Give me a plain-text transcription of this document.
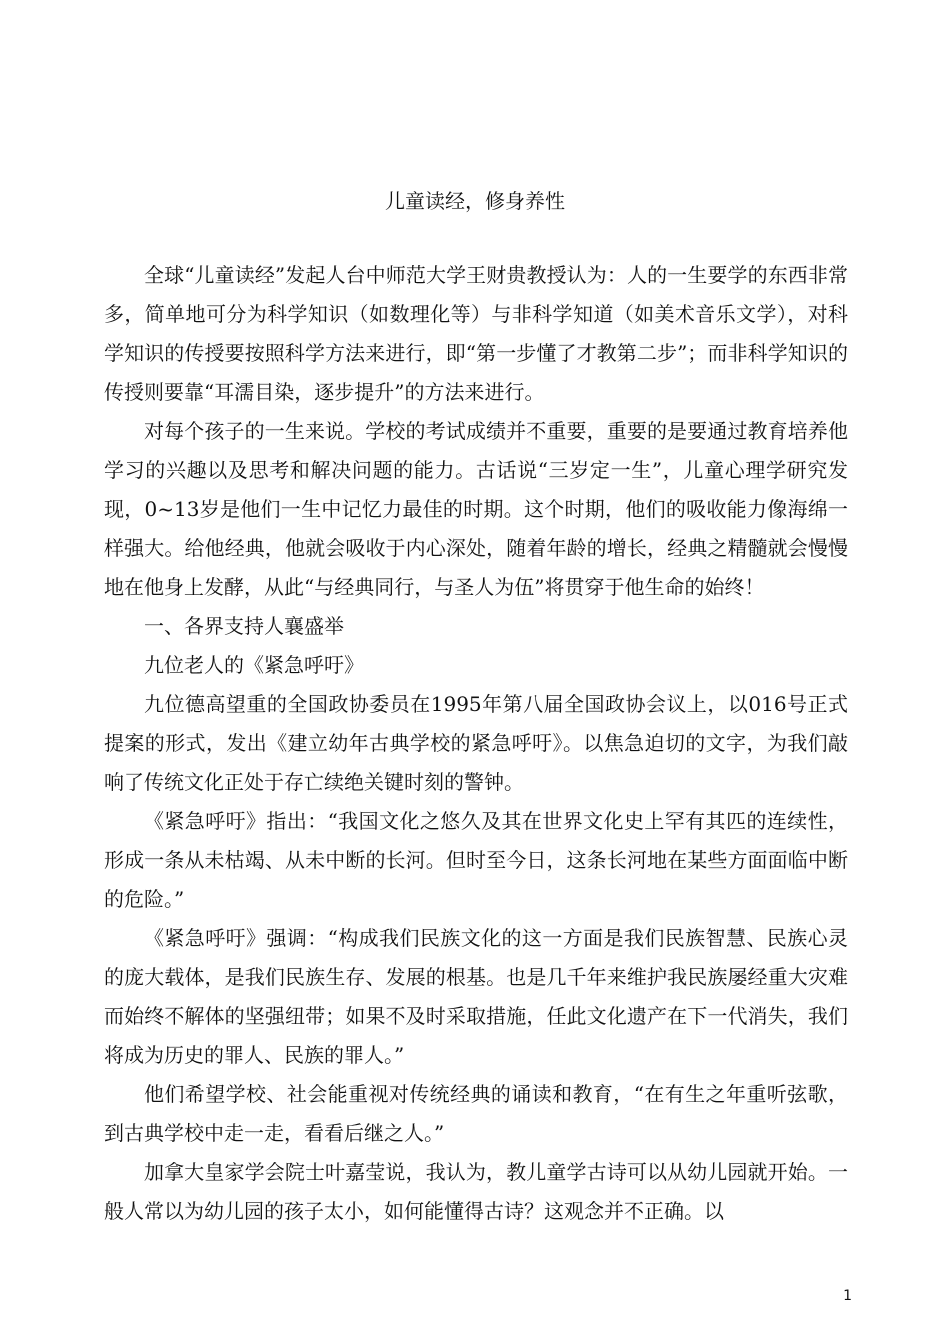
儿童读经，修身养性

全球“儿童读经”发起人台中师范大学王财贵教授认为：人的一生要学的东西非常多，简单地可分为科学知识（如数理化等）与非科学知道（如美术音乐文学），对科学知识的传授要按照科学方法来进行，即“第一步懂了才教第二步”；而非科学知识的传授则要靠“耳濡目染，逐步提升”的方法来进行。

对每个孩子的一生来说。学校的考试成绩并不重要，重要的是要通过教育培养他学习的兴趣以及思考和解决问题的能力。古话说“三岁定一生”，儿童心理学研究发现，0~13岁是他们一生中记忆力最佳的时期。这个时期，他们的吸收能力像海绵一样强大。给他经典，他就会吸收于内心深处，随着年龄的增长，经典之精髓就会慢慢地在他身上发酵，从此“与经典同行，与圣人为伍”将贯穿于他生命的始终！

一、各界支持人襄盛举

九位老人的《紧急呼吁》

九位德高望重的全国政协委员在1995年第八届全国政协会议上，以016号正式提案的形式，发出《建立幼年古典学校的紧急呼吁》。以焦急迫切的文字，为我们敲响了传统文化正处于存亡续绝关键时刻的警钟。

《紧急呼吁》指出：“我国文化之悠久及其在世界文化史上罕有其匹的连续性，形成一条从未枯竭、从未中断的长河。但时至今日，这条长河地在某些方面面临中断的危险。”

《紧急呼吁》强调：“构成我们民族文化的这一方面是我们民族智慧、民族心灵的庞大载体，是我们民族生存、发展的根基。也是几千年来维护我民族屡经重大灾难而始终不解体的坚强纽带；如果不及时采取措施，任此文化遗产在下一代消失，我们将成为历史的罪人、民族的罪人。”

他们希望学校、社会能重视对传统经典的诵读和教育，“在有生之年重听弦歌，到古典学校中走一走，看看后继之人。”

加拿大皇家学会院士叶嘉莹说，我认为，教儿童学古诗可以从幼儿园就开始。一般人常以为幼儿园的孩子太小，如何能懂得古诗？这观念并不正确。以

1
